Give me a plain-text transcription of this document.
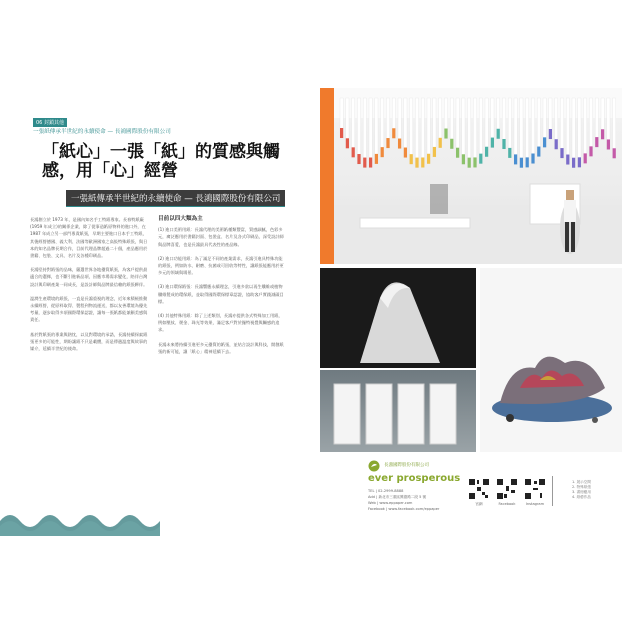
06 封鎖其他
一張紙傳承半世紀的永續使命 — 長鴻國際股份有限公司
「紙心」一張「紙」的質感與觸感，用「心」經營
一張紙傳承半世紀的永續使命 — 長鴻國際股份有限公司

長鴻創立於 1973 年，是國內知名手工特紙專家。長春特紙廠(1959 年成立)的關係企業，除了從事造紙原物料的進口外，在 1987 年成立另一部門專責紙張，早期主要進口日本手工特紙，其後經營德國、義大利、法國等歐洲國家之高級特殊紙張，與日本的知名品牌長期合作，目前代理品牌超過二十個，產品應用於書籍、包裝、文具、名片及各種印刷品。

長鴻堅持對紙張的品味，嚴選世界各地優質紙張，為客戶提供最適合的選擇，也不斷引進新品項，因應市場需求變化，陪伴台灣設計與印刷產業一同成長，是設計師與品牌最信賴的紙張夥伴。

溫潤生產環境的紙張，一直是長鴻重視的理念，近年來積極推動永續經營，從原料取得、製程到物流運送，都以友善環境為優先考量，逐步取得多項國際環保認證，讓每一張紙都能兼顧美感與責任。

基於對紙張的專業與熱忱，以及對環境的承諾，長鴻持續探索紙張更多的可能性，期盼讓紙不只是載體，而是傳遞溫度與故事的媒介，延續半世紀的使命。

目前以四大類為主

(1) 進口美術用紙：長鴻代理的美術紙種類豐富，質感細膩，色彩多元，廣泛應用於書籍封面、包裝盒、名片及各式印刷品，深受設計師與品牌喜愛，也是長鴻最具代表性的產品線。

(2) 進口功能用紙：為了滿足不同的產業需求，長鴻引進具特殊功能的紙張，例如防水、耐磨、抗菌或可回收等特性，讓紙張能應用於更多元的領域與場景。

(3) 進口環保紙張：長鴻響應永續理念，引進多款以再生纖維或植物纖維製成的環保紙，並取得國際環保標章認證，協助客戶實踐減碳目標。

(4) 其他特殊用紙：除了上述類別，長鴻亦提供各式特殊加工用紙，例如壓紋、燙金、珠光等效果，滿足客戶對於獨特視覺與觸感的追求。

長鴻未來將持續引進更多元優質的紙張，並結合設計與科技，開創紙張的新可能，讓「紙心」精神延續下去。

長鴻國際股份有限公司
ever prosperous
TEL | 02-2999-8888
Add | 新北市三重區興德路二段 5 號
Web | www.eppaper.com
Facebook | www.facebook.com/eppaper
官網	Facebook	Instagram
1. 展示空間
2. 特殊紙張
3. 書冊應用
4. 紙藝作品
